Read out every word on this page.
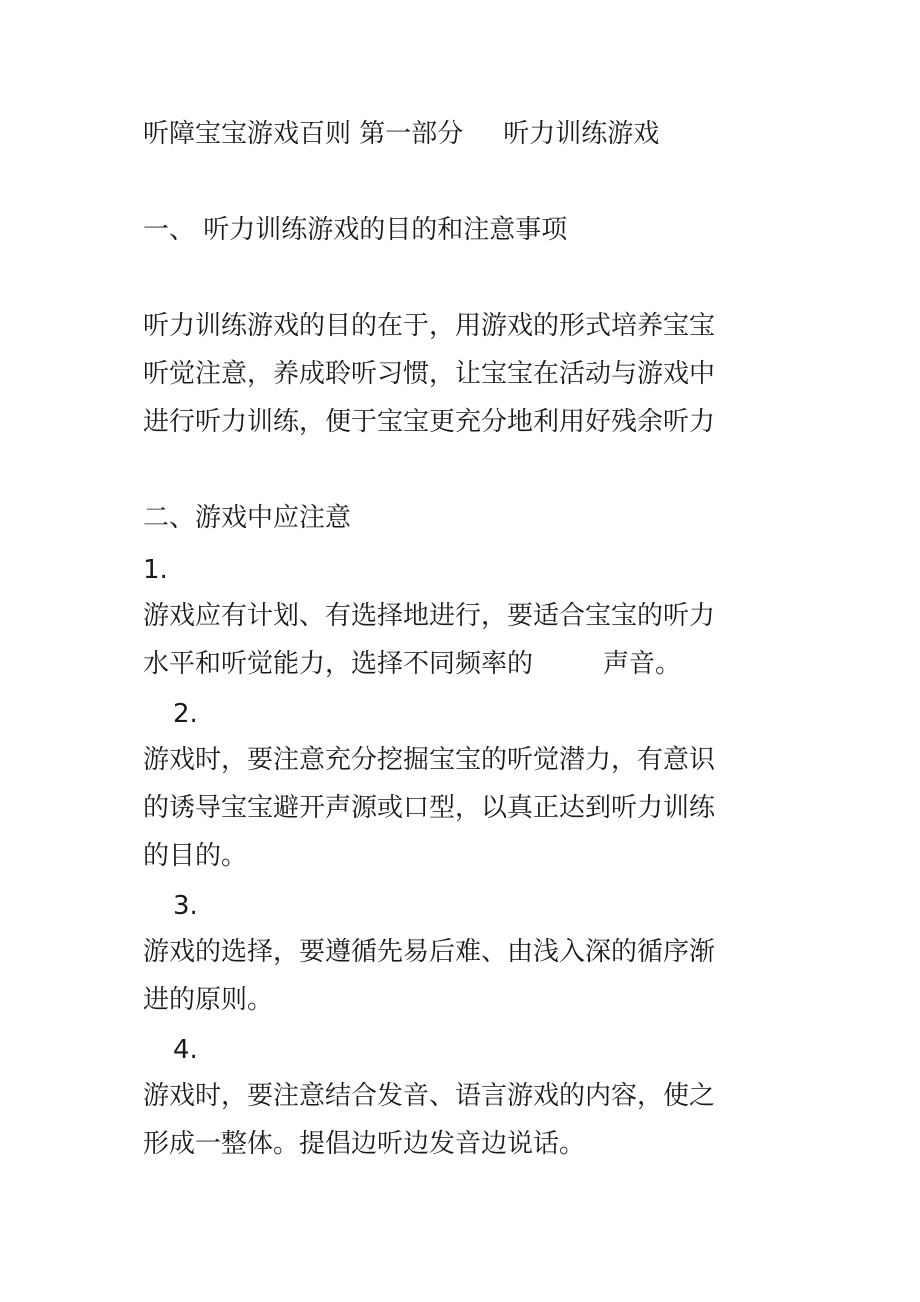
听障宝宝游戏百则 第一部分 听力训练游戏
一、 听力训练游戏的目的和注意事项
听力训练游戏的目的在于，用游戏的形式培养宝宝
听觉注意，养成聆听习惯，让宝宝在活动与游戏中
进行听力训练，便于宝宝更充分地利用好残余听力
二、游戏中应注意
1.
游戏应有计划、有选择地进行，要适合宝宝的听力
水平和听觉能力，选择不同频率的	声音。
2.
游戏时，要注意充分挖掘宝宝的听觉潜力，有意识
的诱导宝宝避开声源或口型，以真正达到听力训练
的目的。
3.
游戏的选择，要遵循先易后难、由浅入深的循序渐
进的原则。
4.
游戏时，要注意结合发音、语言游戏的内容，使之
形成一整体。提倡边听边发音边说话。
